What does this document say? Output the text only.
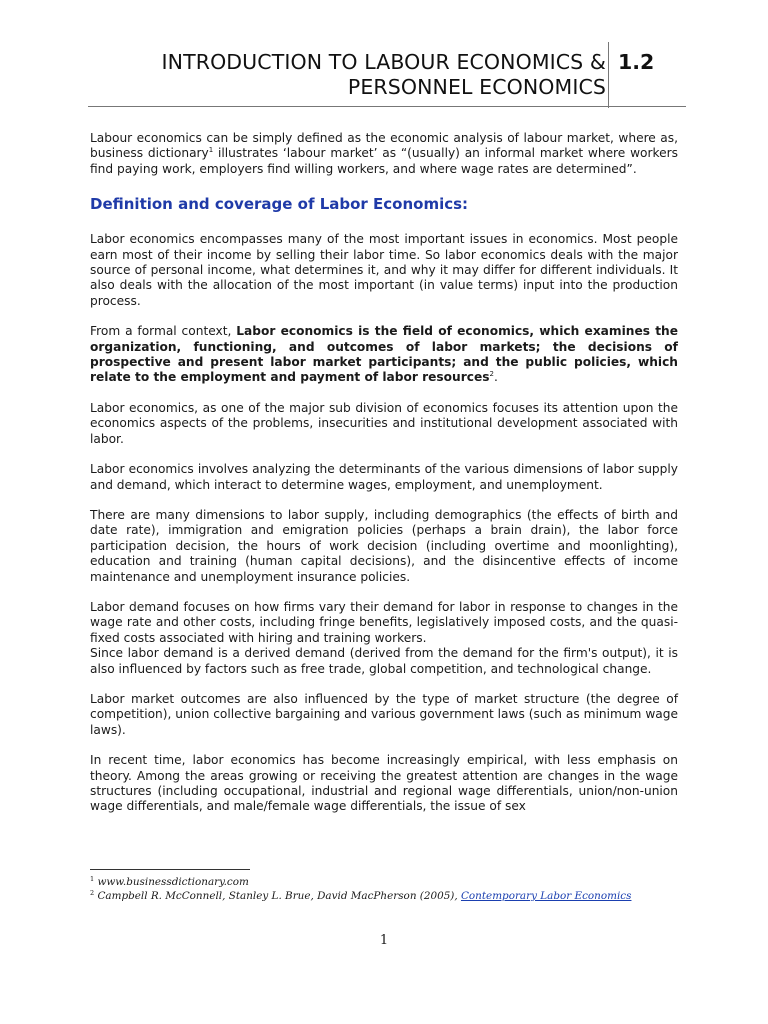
INTRODUCTION TO LABOUR ECONOMICS &
PERSONNEL ECONOMICS
1.2

Labour economics can be simply defined as the economic analysis of labour market, where as, business dictionary$^1$ illustrates ‘labour market’ as “(usually) an informal market where workers find paying work, employers find willing workers, and where wage rates are determined”.

Definition and coverage of Labor Economics:

Labor economics encompasses many of the most important issues in economics. Most people earn most of their income by selling their labor time. So labor economics deals with the major source of personal income, what determines it, and why it may differ for different individuals. It also deals with the allocation of the most important (in value terms) input into the production process.

From a formal context, Labor economics is the field of economics, which examines the organization, functioning, and outcomes of labor markets; the decisions of prospective and present labor market participants; and the public policies, which relate to the employment and payment of labor resources$^2$.

Labor economics, as one of the major sub division of economics focuses its attention upon the economics aspects of the problems, insecurities and institutional development associated with labor.

Labor economics involves analyzing the determinants of the various dimensions of labor supply and demand, which interact to determine wages, employment, and unemployment.

There are many dimensions to labor supply, including demographics (the effects of birth and date rate), immigration and emigration policies (perhaps a brain drain), the labor force participation decision, the hours of work decision (including overtime and moonlighting), education and training (human capital decisions), and the disincentive effects of income maintenance and unemployment insurance policies.

Labor demand focuses on how firms vary their demand for labor in response to changes in the wage rate and other costs, including fringe benefits, legislatively imposed costs, and the quasi-fixed costs associated with hiring and training workers.

Since labor demand is a derived demand (derived from the demand for the firm's output), it is also influenced by factors such as free trade, global competition, and technological change.

Labor market outcomes are also influenced by the type of market structure (the degree of competition), union collective bargaining and various government laws (such as minimum wage laws).

In recent time, labor economics has become increasingly empirical, with less emphasis on theory. Among the areas growing or receiving the greatest attention are changes in the wage structures (including occupational, industrial and regional wage differentials, union/non-union wage differentials, and male/female wage differentials, the issue of sex

$^1$ www.businessdictionary.com
$^2$ Campbell R. McConnell, Stanley L. Brue, David MacPherson (2005), Contemporary Labor Economics
1
